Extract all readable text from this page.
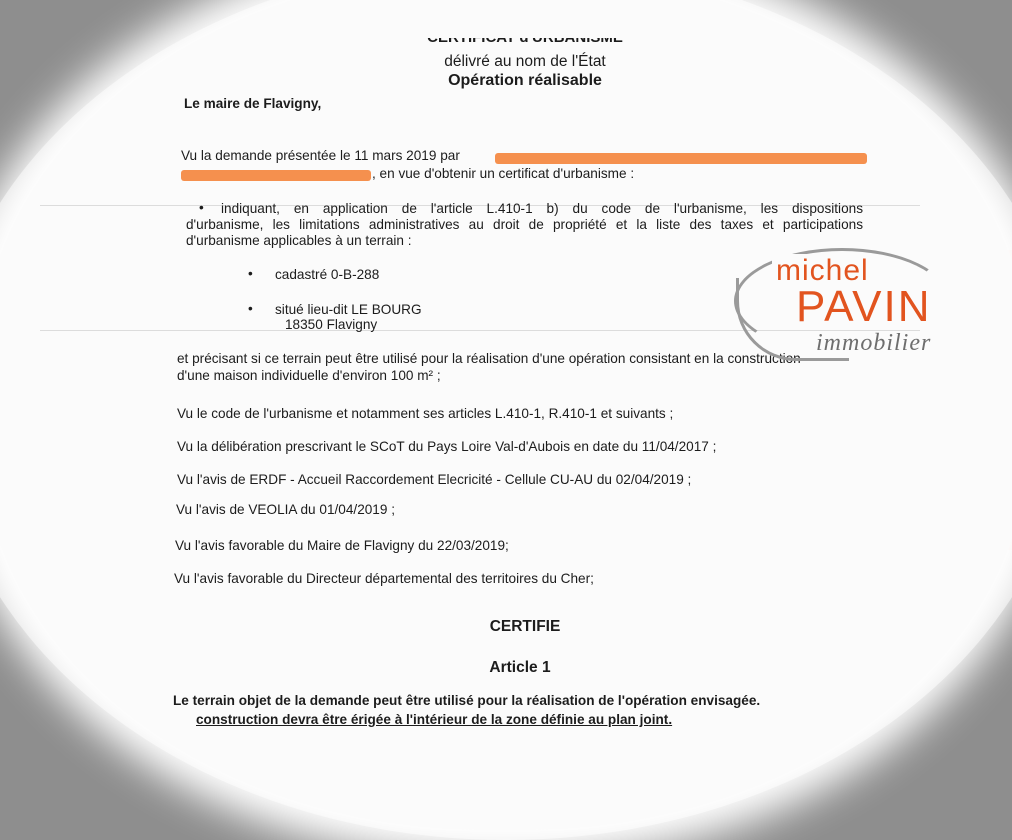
délivré au nom de l'État
Opération réalisable
Le maire de Flavigny,
Vu la demande présentée le 11 mars 2019 par
, en vue d'obtenir un certificat d'urbanisme :
• indiquant, en application de l'article L.410-1 b) du code de l'urbanisme, les dispositions
d'urbanisme, les limitations administratives au droit de propriété et la liste des taxes et participations
d'urbanisme applicables à un terrain :
• cadastré 0-B-288
• situé lieu-dit LE BOURG
18350 Flavigny
et précisant si ce terrain peut être utilisé pour la réalisation d'une opération consistant en la construction
d'une maison individuelle d'environ 100 m² ;
Vu le code de l'urbanisme et notamment ses articles L.410-1, R.410-1 et suivants ;
Vu la délibération prescrivant le SCoT du Pays Loire Val-d'Aubois en date du 11/04/2017 ;
Vu l'avis de ERDF - Accueil Raccordement Elecricité - Cellule CU-AU du 02/04/2019 ;
Vu l'avis de VEOLIA du 01/04/2019 ;
Vu l'avis favorable du Maire de Flavigny du 22/03/2019;
Vu l'avis favorable du Directeur départemental des territoires du Cher;
CERTIFIE
Article 1
Le terrain objet de la demande peut être utilisé pour la réalisation de l'opération envisagée.
construction devra être érigée à l'intérieur de la zone définie au plan joint.
michel
PAVIN
immobilier
